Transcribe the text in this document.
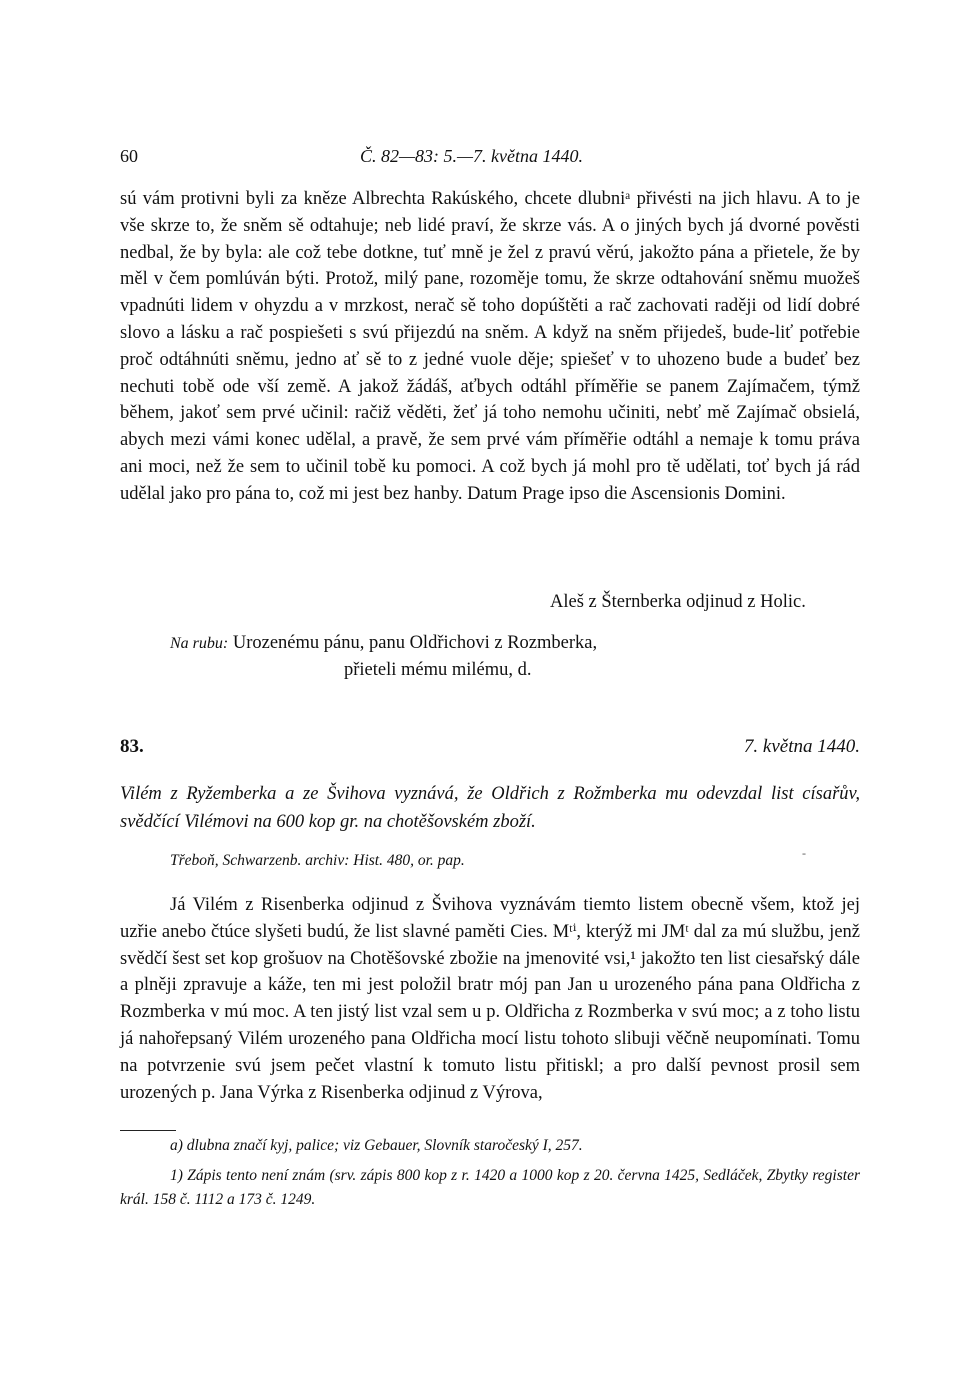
60	Č. 82—83: 5.—7. května 1440.

sú vám protivni byli za kněze Albrechta Rakúského, chcete dlubniᵃ přivésti na jich hlavu. A to je vše skrze to, že sněm sě odtahuje; neb lidé praví, že skrze vás. A o jiných bych já dvorné pověsti nedbal, že by byla: ale což tebe dotkne, tuť mně je žel z pravú věrú, jakožto pána a přietele, že by měl v čem pomlúván býti. Protož, milý pane, rozoměje tomu, že skrze odtahování sněmu muožeš vpadnúti lidem v ohyzdu a v mrzkost, nerač sě toho dopúštěti a rač zachovati raději od lidí dobré slovo a lásku a rač pospiešeti s svú přijezdú na sněm. A když na sněm přijedeš, bude-liť potřebie proč odtáhnúti sněmu, jedno ať sě to z jedné vuole děje; spiešeť v to uhozeno bude a budeť bez nechuti tobě ode vší země. A jakož žádáš, aťbych odtáhl příměřie se panem Zajímačem, týmž během, jakoť sem prvé učinil: račiž věděti, žeť já toho nemohu učiniti, nebť mě Zajímač obsielá, abych mezi vámi konec udělal, a pravě, že sem prvé vám příměřie odtáhl a nemaje k tomu práva ani moci, než že sem to učinil tobě ku pomoci. A což bych já mohl pro tě udělati, toť bych já rád udělal jako pro pána to, což mi jest bez hanby. Datum Prage ipso die Ascensionis Domini.

Aleš z Šternberka odjinud z Holic.
Na rubu: Urozenému pánu, panu Oldřichovi z Rozmberka,
přieteli mému milému, d.
83.	7. května 1440.
Vilém z Ryžemberka a ze Švihova vyznává, že Oldřich z Rožmberka mu odevzdal list císařův, svědčící Vilémovi na 600 kop gr. na chotěšovském zboží.
Třeboň, Schwarzenb. archiv: Hist. 480, or. pap.	‐
Já Vilém z Risenberka odjinud z Švihova vyznávám tiemto listem obecně všem, ktož jej uzřie anebo čtúce slyšeti budú, že list slavné paměti Cies. Mᵗⁱ, kterýž mi JMᵗ dal za mú službu, jenž svědčí šest set kop grošuov na Chotěšovské zbožie na jmenovité vsi,¹ jakožto ten list ciesařský dále a plněji zpravuje a káže, ten mi jest položil bratr mój pan Jan u urozeného pána pana Oldřicha z Rozmberka v mú moc. A ten jistý list vzal sem u p. Oldřicha z Rozmberka v svú moc; a z toho listu já nahořepsaný Vilém urozeného pana Oldřicha mocí listu tohoto slibuji věčně neupomínati. Tomu na potvrzenie svú jsem pečet vlastní k tomuto listu přitiskl; a pro další pevnost prosil sem urozených p. Jana Výrka z Risenberka odjinud z Výrova,
a) dlubna značí kyj, palice; viz Gebauer, Slovník staročeský I, 257.
1) Zápis tento není znám (srv. zápis 800 kop z r. 1420 a 1000 kop z 20. června 1425, Sedláček, Zbytky register král. 158 č. 1112 a 173 č. 1249.
